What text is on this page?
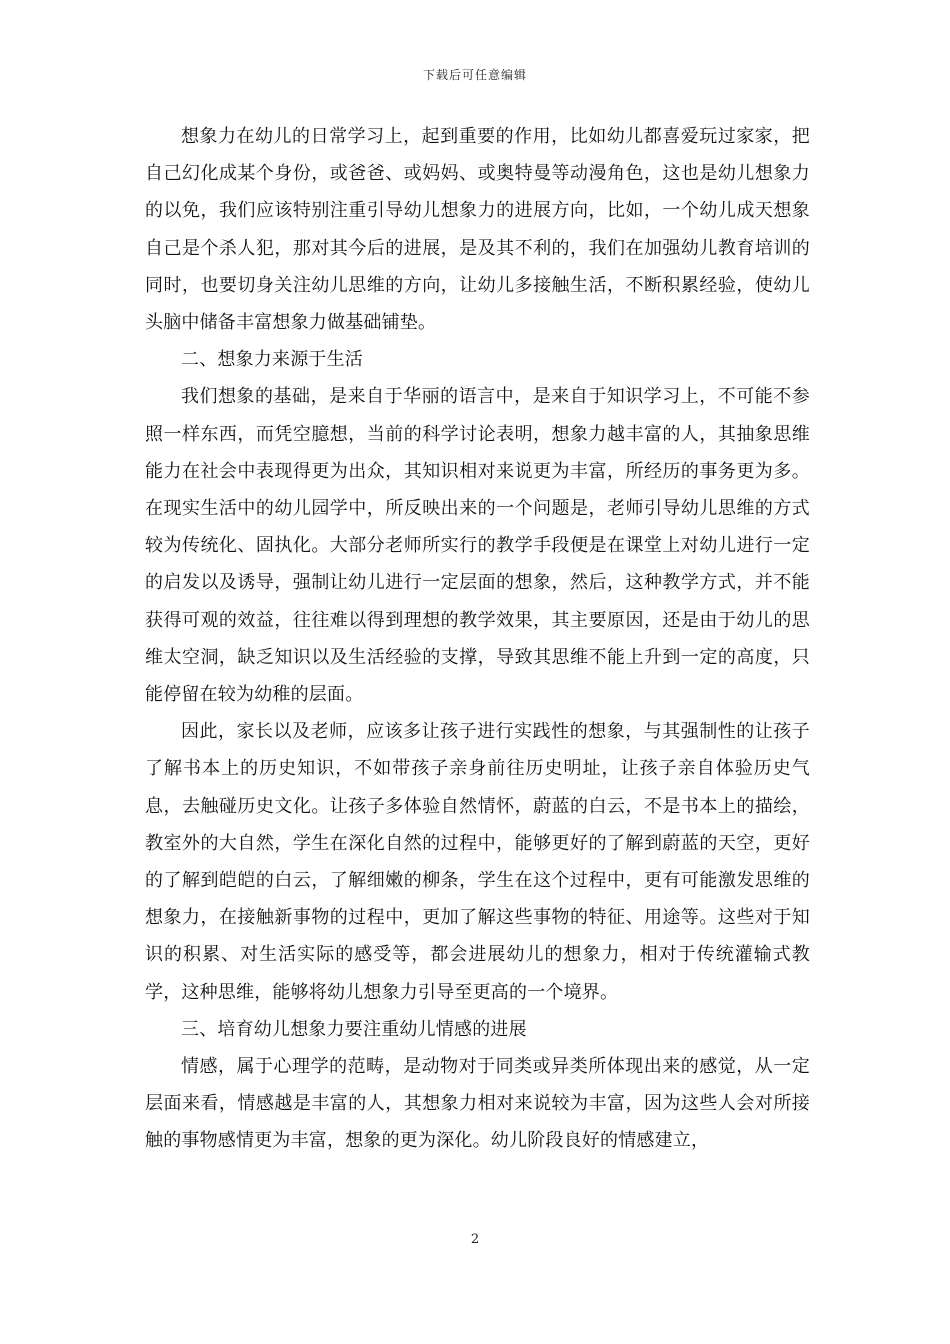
下载后可任意编辑

想象力在幼儿的日常学习上，起到重要的作用，比如幼儿都喜爱玩过家家，把自己幻化成某个身份，或爸爸、或妈妈、或奥特曼等动漫角色，这也是幼儿想象力的以免，我们应该特别注重引导幼儿想象力的进展方向，比如，一个幼儿成天想象自己是个杀人犯，那对其今后的进展，是及其不利的，我们在加强幼儿教育培训的同时，也要切身关注幼儿思维的方向，让幼儿多接触生活，不断积累经验，使幼儿头脑中储备丰富想象力做基础铺垫。

二、想象力来源于生活

我们想象的基础，是来自于华丽的语言中，是来自于知识学习上，不可能不参照一样东西，而凭空臆想，当前的科学讨论表明，想象力越丰富的人，其抽象思维能力在社会中表现得更为出众，其知识相对来说更为丰富，所经历的事务更为多。在现实生活中的幼儿园学中，所反映出来的一个问题是，老师引导幼儿思维的方式较为传统化、固执化。大部分老师所实行的教学手段便是在课堂上对幼儿进行一定的启发以及诱导，强制让幼儿进行一定层面的想象，然后，这种教学方式，并不能获得可观的效益，往往难以得到理想的教学效果，其主要原因，还是由于幼儿的思维太空洞，缺乏知识以及生活经验的支撑，导致其思维不能上升到一定的高度，只能停留在较为幼稚的层面。

因此，家长以及老师，应该多让孩子进行实践性的想象，与其强制性的让孩子了解书本上的历史知识，不如带孩子亲身前往历史明址，让孩子亲自体验历史气息，去触碰历史文化。让孩子多体验自然情怀，蔚蓝的白云，不是书本上的描绘，教室外的大自然，学生在深化自然的过程中，能够更好的了解到蔚蓝的天空，更好的了解到皑皑的白云，了解细嫩的柳条，学生在这个过程中，更有可能激发思维的想象力，在接触新事物的过程中，更加了解这些事物的特征、用途等。这些对于知识的积累、对生活实际的感受等，都会进展幼儿的想象力，相对于传统灌输式教学，这种思维，能够将幼儿想象力引导至更高的一个境界。

三、培育幼儿想象力要注重幼儿情感的进展

情感，属于心理学的范畴，是动物对于同类或异类所体现出来的感觉，从一定层面来看，情感越是丰富的人，其想象力相对来说较为丰富，因为这些人会对所接触的事物感情更为丰富，想象的更为深化。幼儿阶段良好的情感建立，

2
